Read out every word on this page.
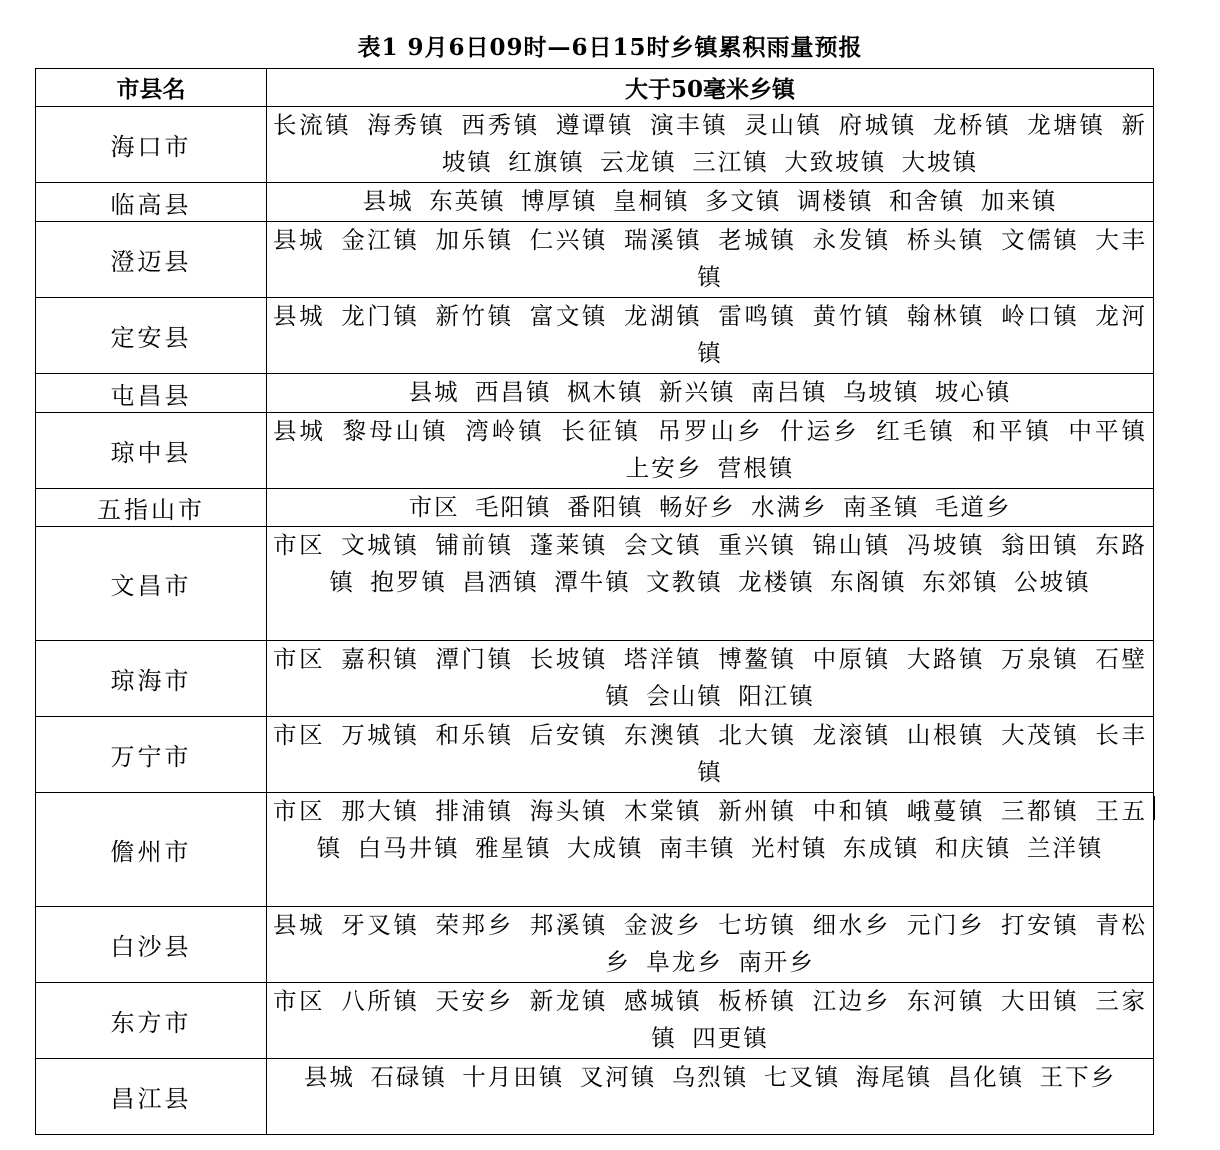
表1 9月6日09时—6日15时乡镇累积雨量预报
市县名	大于50毫米乡镇
海口市	长流镇 海秀镇 西秀镇 遵谭镇 演丰镇 灵山镇 府城镇 龙桥镇 龙塘镇 新坡镇 红旗镇 云龙镇 三江镇 大致坡镇 大坡镇
临高县	县城 东英镇 博厚镇 皇桐镇 多文镇 调楼镇 和舍镇 加来镇
澄迈县	县城 金江镇 加乐镇 仁兴镇 瑞溪镇 老城镇 永发镇 桥头镇 文儒镇 大丰镇
定安县	县城 龙门镇 新竹镇 富文镇 龙湖镇 雷鸣镇 黄竹镇 翰林镇 岭口镇 龙河镇
屯昌县	县城 西昌镇 枫木镇 新兴镇 南吕镇 乌坡镇 坡心镇
琼中县	县城 黎母山镇 湾岭镇 长征镇 吊罗山乡 什运乡 红毛镇 和平镇 中平镇 上安乡 营根镇
五指山市	市区 毛阳镇 番阳镇 畅好乡 水满乡 南圣镇 毛道乡
文昌市	市区 文城镇 铺前镇 蓬莱镇 会文镇 重兴镇 锦山镇 冯坡镇 翁田镇 东路镇 抱罗镇 昌洒镇 潭牛镇 文教镇 龙楼镇 东阁镇 东郊镇 公坡镇
琼海市	市区 嘉积镇 潭门镇 长坡镇 塔洋镇 博鳌镇 中原镇 大路镇 万泉镇 石壁镇 会山镇 阳江镇
万宁市	市区 万城镇 和乐镇 后安镇 东澳镇 北大镇 龙滚镇 山根镇 大茂镇 长丰镇
儋州市	市区 那大镇 排浦镇 海头镇 木棠镇 新州镇 中和镇 峨蔓镇 三都镇 王五镇 白马井镇 雅星镇 大成镇 南丰镇 光村镇 东成镇 和庆镇 兰洋镇
白沙县	县城 牙叉镇 荣邦乡 邦溪镇 金波乡 七坊镇 细水乡 元门乡 打安镇 青松乡 阜龙乡 南开乡
东方市	市区 八所镇 天安乡 新龙镇 感城镇 板桥镇 江边乡 东河镇 大田镇 三家镇 四更镇
昌江县	县城 石碌镇 十月田镇 叉河镇 乌烈镇 七叉镇 海尾镇 昌化镇 王下乡
